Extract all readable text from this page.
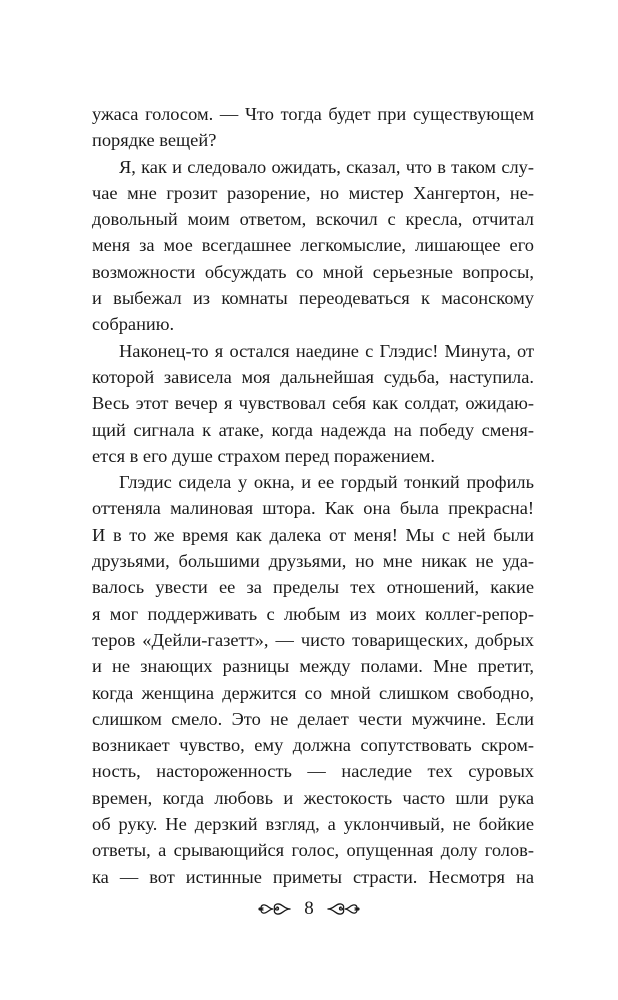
ужаса голосом. — Что тогда будет при существующем
порядке вещей?
Я, как и следовало ожидать, сказал, что в таком слу-
чае мне грозит разорение, но мистер Хангертон, не-
довольный моим ответом, вскочил с кресла, отчитал
меня за мое всегдашнее легкомыслие, лишающее его
возможности обсуждать со мной серьезные вопросы,
и выбежал из комнаты переодеваться к масонскому
собранию.
Наконец-то я остался наедине с Глэдис! Минута, от
которой зависела моя дальнейшая судьба, наступила.
Весь этот вечер я чувствовал себя как солдат, ожидаю-
щий сигнала к атаке, когда надежда на победу сменя-
ется в его душе страхом перед поражением.
Глэдис сидела у окна, и ее гордый тонкий профиль
оттеняла малиновая штора. Как она была прекрасна!
И в то же время как далека от меня! Мы с ней были
друзьями, большими друзьями, но мне никак не уда-
валось увести ее за пределы тех отношений, какие
я мог поддерживать с любым из моих коллег-репор-
теров «Дейли-газетт», — чисто товарищеских, добрых
и не знающих разницы между полами. Мне претит,
когда женщина держится со мной слишком свободно,
слишком смело. Это не делает чести мужчине. Если
возникает чувство, ему должна сопутствовать скром-
ность, настороженность — наследие тех суровых
времен, когда любовь и жестокость часто шли рука
об руку. Не дерзкий взгляд, а уклончивый, не бойкие
ответы, а срывающийся голос, опущенная долу голов-
ка — вот истинные приметы страсти. Несмотря на
8
